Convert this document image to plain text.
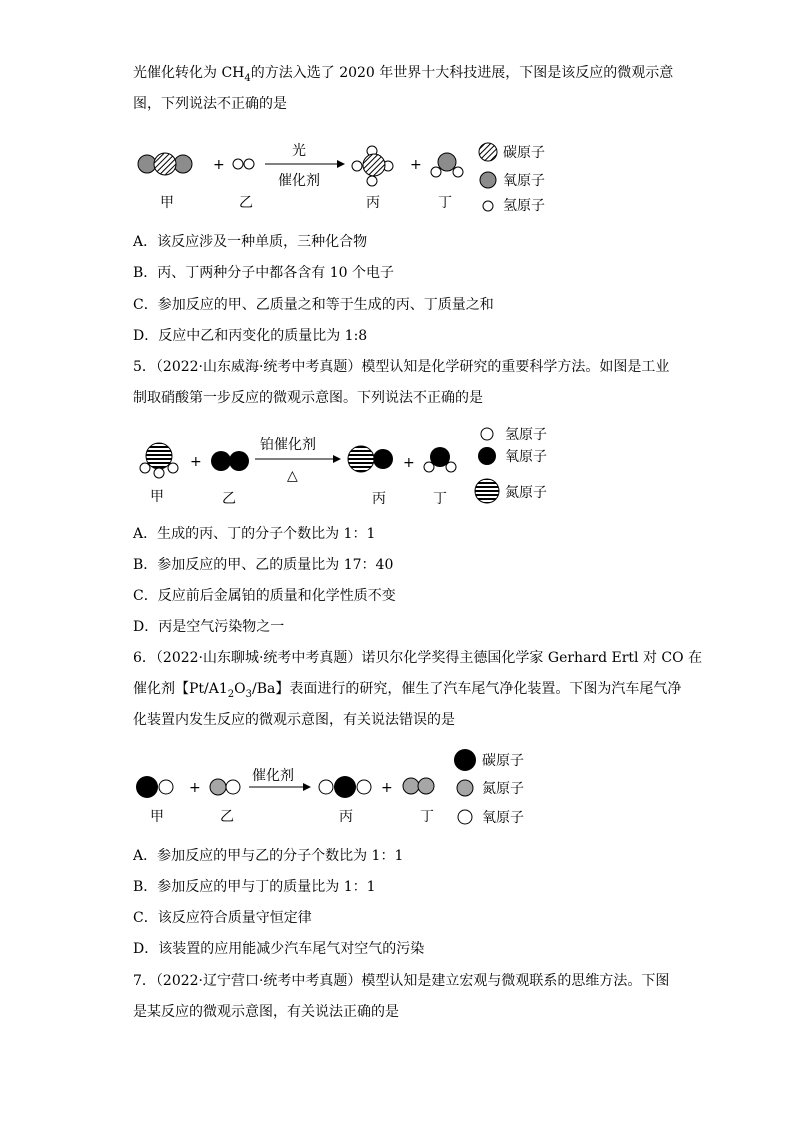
光催化转化为 $CH_4$的方法入选了 2020 年世界十大科技进展，下图是该反应的微观示意
图，下列说法不正确的是
+
光
催化剂
+
甲	乙	丙	丁
碳原子
氧原子
氢原子
A．该反应涉及一种单质，三种化合物
B．丙、丁两种分子中都各含有 10 个电子
C．参加反应的甲、乙质量之和等于生成的丙、丁质量之和
D．反应中乙和丙变化的质量比为 1:8
5．（2022·山东威海·统考中考真题）模型认知是化学研究的重要科学方法。如图是工业
制取硝酸第一步反应的微观示意图。下列说法不正确的是
+
铂催化剂
△
+
甲	乙	丙	丁
氢原子
氧原子
氮原子
A．生成的丙、丁的分子个数比为 1：1
B．参加反应的甲、乙的质量比为 17：40
C．反应前后金属铂的质量和化学性质不变
D．丙是空气污染物之一
6．（2022·山东聊城·统考中考真题）诺贝尔化学奖得主德国化学家 Gerhard Ertl 对 CO 在
催化剂【$Pt/A1_2O_3/Ba$】表面进行的研究，催生了汽车尾气净化装置。下图为汽车尾气净
化装置内发生反应的微观示意图，有关说法错误的是
+
催化剂
+
甲	乙	丙	丁
碳原子
氮原子
氧原子
A．参加反应的甲与乙的分子个数比为 1：1
B．参加反应的甲与丁的质量比为 1：1
C．该反应符合质量守恒定律
D．该装置的应用能减少汽车尾气对空气的污染
7．（2022·辽宁营口·统考中考真题）模型认知是建立宏观与微观联系的思维方法。下图
是某反应的微观示意图，有关说法正确的是
